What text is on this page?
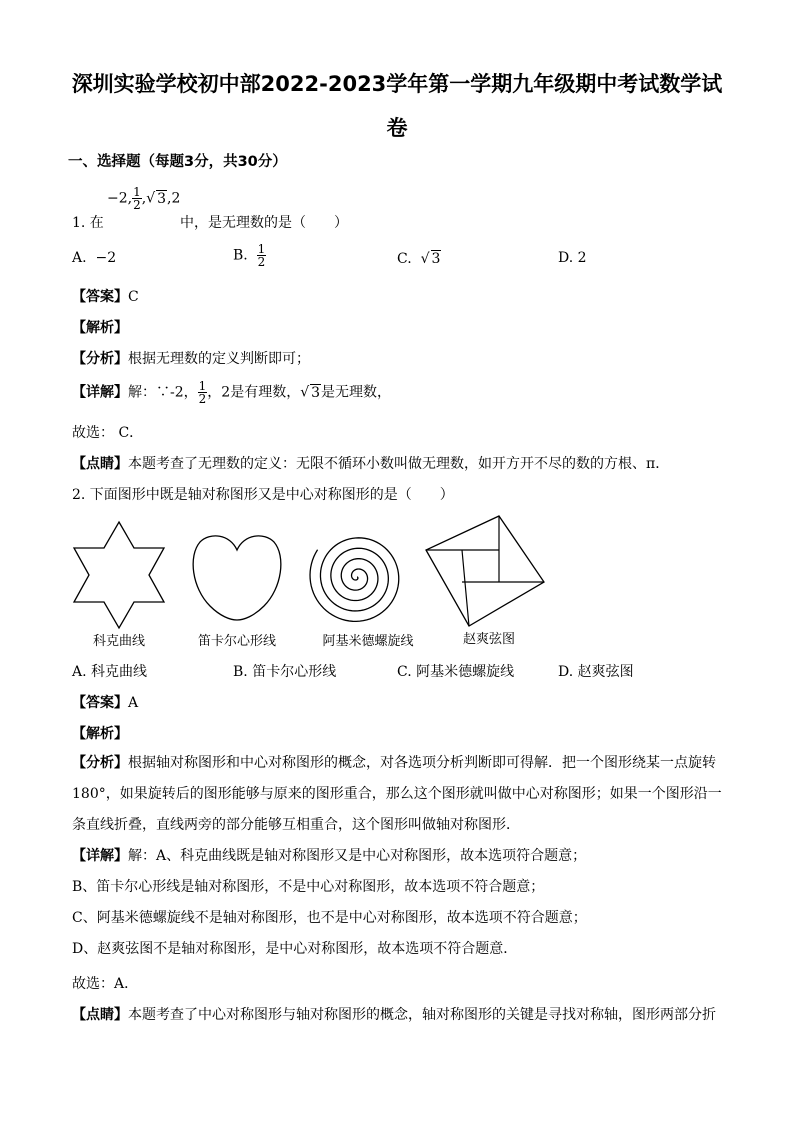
深圳实验学校初中部2022-2023学年第一学期九年级期中考试数学试
卷
一、选择题（每题3分，共30分）
−2, $\frac{1}{2}$ ,√ 3,2
1. 在	中，是无理数的是（　　）
A. −2	B. $\frac{1}{2}$	C. √ 3	D. 2
【答案】C
【解析】
【分析】根据无理数的定义判断即可；
【详解】解：∵-2， $\frac{1}{2}$ ，2是有理数，√ 3是无理数，
故选： C．
【点睛】本题考查了无理数的定义：无限不循环小数叫做无理数，如开方开不尽的数的方根、π．
2. 下面图形中既是轴对称图形又是中心对称图形的是（　　）
科克曲线	笛卡尔心形线	阿基米德螺旋线	赵爽弦图
A. 科克曲线	B. 笛卡尔心形线	C. 阿基米德螺旋线	D. 赵爽弦图
【答案】A
【解析】
【分析】根据轴对称图形和中心对称图形的概念，对各选项分析判断即可得解．把一个图形绕某一点旋转
180°，如果旋转后的图形能够与原来的图形重合，那么这个图形就叫做中心对称图形；如果一个图形沿一
条直线折叠，直线两旁的部分能够互相重合，这个图形叫做轴对称图形．
【详解】解：A、科克曲线既是轴对称图形又是中心对称图形，故本选项符合题意；
B、笛卡尔心形线是轴对称图形，不是中心对称图形，故本选项不符合题意；
C、阿基米德螺旋线不是轴对称图形，也不是中心对称图形，故本选项不符合题意；
D、赵爽弦图不是轴对称图形，是中心对称图形，故本选项不符合题意．
故选：A．
【点睛】本题考查了中心对称图形与轴对称图形的概念，轴对称图形的关键是寻找对称轴，图形两部分折
